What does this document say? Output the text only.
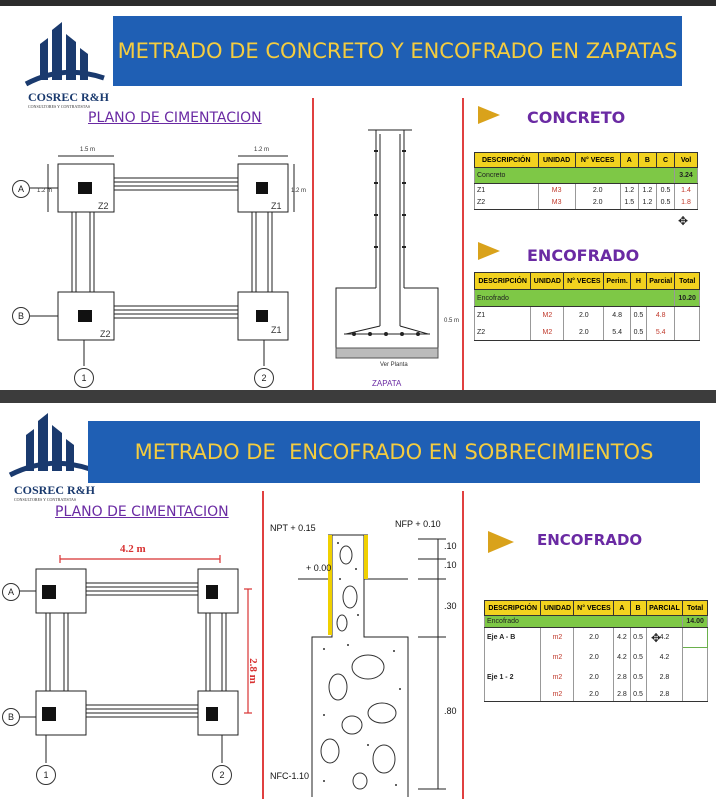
COSREC R&H
CONSULTORES Y CONTRATISTAS
METRADO DE CONCRETO Y ENCOFRADO EN ZAPATAS
PLANO DE CIMENTACION
1.5 m	1.2 m
1.2 m	1.2 m
Z2	Z1
Z2	Z1
A
B
1	2
0.5 m
Ver Planta
ZAPATA
CONCRETO
DESCRIPCIÓN	UNIDAD	N° VECES	A	B	C	Vol
Concreto						3.24
Z1	M3	2.0	1.2	1.2	0.5	1.4
Z2	M3	2.0	1.5	1.2	0.5	1.8
✥
ENCOFRADO
DESCRIPCIÓN	UNIDAD	N° VECES	Perim.	H	Parcial	Total
Encofrado						10.20
Z1	M2	2.0	4.8	0.5	4.8	
Z2	M2	2.0	5.4	0.5	5.4	
COSREC R&H
CONSULTORES Y CONTRATISTAS
METRADO DE  ENCOFRADO EN SOBRECIMIENTOS
PLANO DE CIMENTACION
4.2 m
2.8 m
A
B
1	2
NPT + 0.15	NFP + 0.10
+ 0.00
NFC-1.10
.10
.10
.30
.80
ENCOFRADO
DESCRIPCIÓN	UNIDAD	N° VECES	A	B	PARCIAL	Total
Encofrado						14.00
Eje A - B	m2	2.0	4.2	0.5	4.2	
	m2	2.0	4.2	0.5	4.2	
Eje 1 - 2	m2	2.0	2.8	0.5	2.8	
	m2	2.0	2.8	0.5	2.8	
✥
